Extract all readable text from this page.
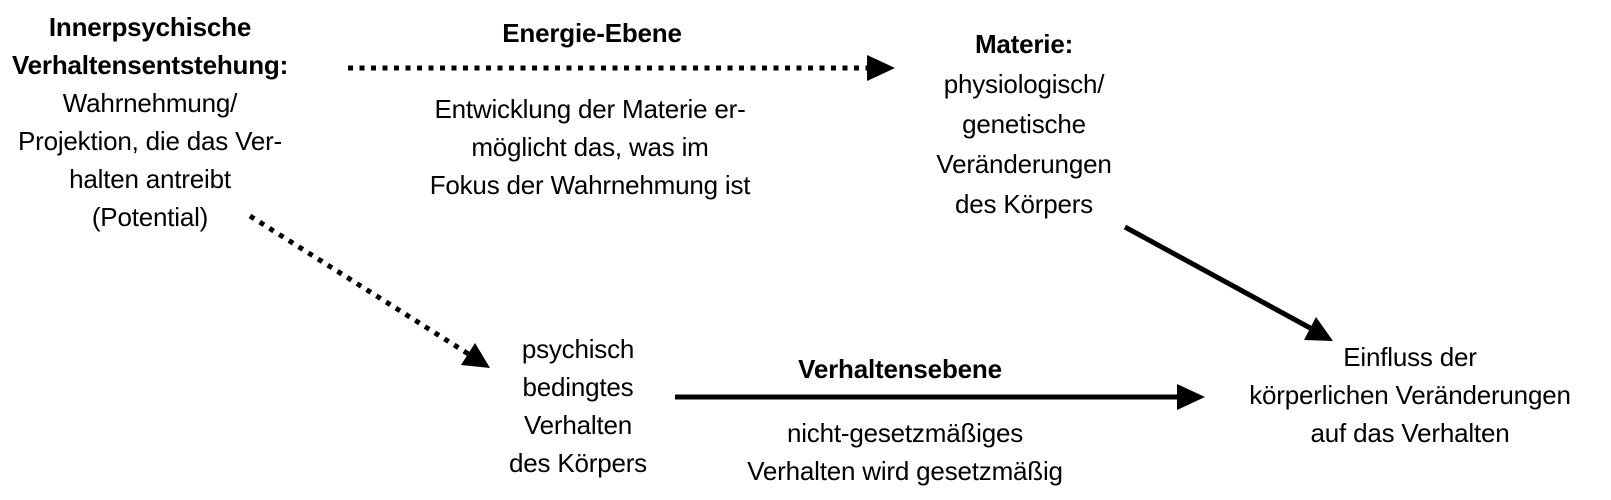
Innerpsychische
Verhaltensentstehung:
Wahrnehmung/
Projektion, die das Ver-
halten antreibt
(Potential)
Energie-Ebene
Entwicklung der Materie er-
möglicht das, was im
Fokus der Wahrnehmung ist
Materie:
physiologisch/
genetische
Veränderungen
des Körpers
psychisch
bedingtes
Verhalten
des Körpers
Verhaltensebene
nicht-gesetzmäßiges
Verhalten wird gesetzmäßig
Einfluss der
körperlichen Veränderungen
auf das Verhalten
